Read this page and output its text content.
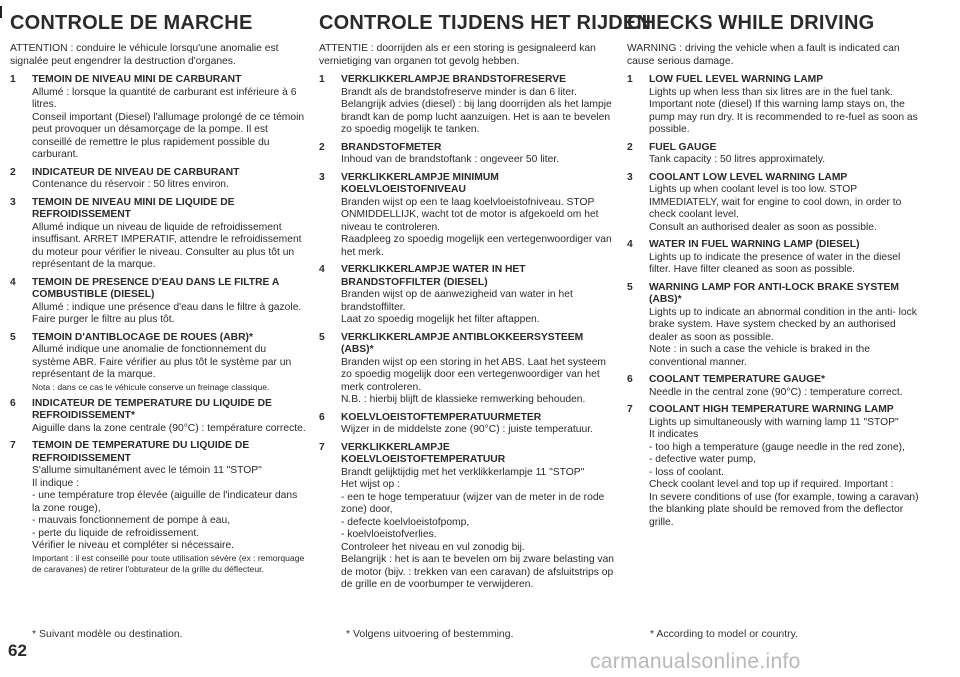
CONTROLE DE MARCHE

ATTENTION : conduire le véhicule lorsqu'une anomalie est signalée peut engendrer la destruction d'organes.

1	TEMOIN DE NIVEAU MINI DE CARBURANT

Allumé : lorsque la quantité de carburant est inférieure à 6 litres.
Conseil important (Diesel) l'allumage prolongé de ce témoin peut provoquer un désamorçage de la pompe. Il est conseillé de remettre le plus rapidement possible du carburant.

2	INDICATEUR DE NIVEAU DE CARBURANT

Contenance du réservoir : 50 litres environ.

3	TEMOIN DE NIVEAU MINI DE LIQUIDE DE REFROIDISSEMENT

Allumé indique un niveau de liquide de refroidissement insuffisant. ARRET IMPERATIF, attendre le refroidissement du moteur pour vérifier le niveau. Consulter au plus tôt un représentant de la marque.

4	TEMOIN DE PRESENCE D'EAU DANS LE FILTRE A COMBUSTIBLE (DIESEL)

Allumé : indique une présence d'eau dans le filtre à gazole. Faire purger le filtre au plus tôt.

5	TEMOIN D'ANTIBLOCAGE DE ROUES (ABR)*

Allumé indique une anomalie de fonctionnement du système ABR. Faire vérifier au plus tôt le système par un représentant de la marque.

Nota : dans ce cas le véhicule conserve un freinage classique.

6	INDICATEUR DE TEMPERATURE DU LIQUIDE DE REFROIDISSEMENT*

Aiguille dans la zone centrale (90°C) : température correcte.

7	TEMOIN DE TEMPERATURE DU LIQUIDE DE REFROIDISSEMENT

S'allume simultanément avec le témoin 11 "STOP"
Il indique :
- une température trop élevée (aiguille de l'indicateur dans
la zone rouge),
- mauvais fonctionnement de pompe à eau,
- perte du liquide de refroidissement.
Vérifier le niveau et compléter si nécessaire.

Important : il est conseillé pour toute utilisation sévère (ex : remorquage de caravanes) de retirer l'obturateur de la grille du déflecteur.

CONTROLE TIJDENS HET RIJDEN

ATTENTIE : doorrijden als er een storing is gesignaleerd kan vernietiging van organen tot gevolg hebben.

1	VERKLIKKERLAMPJE BRANDSTOFRESERVE

Brandt als de brandstofreserve minder is dan 6 liter.
Belangrijk advies (diesel) : bij lang doorrijden als het lampje brandt kan de pomp lucht aanzuigen. Het is aan te bevelen zo spoedig mogelijk te tanken.

2	BRANDSTOFMETER

Inhoud van de brandstoftank : ongeveer 50 liter.

3	VERKLIKKERLAMPJE MINIMUM KOELVLOEISTOFNIVEAU

Branden wijst op een te laag koelvloeistofniveau. STOP ONMIDDELLIJK, wacht tot de motor is afgekoeld om het niveau te controleren.
Raadpleeg zo spoedig mogelijk een vertegenwoordiger van het merk.

4	VERKLIKKERLAMPJE WATER IN HET BRANDSTOFFILTER (DIESEL)

Branden wijst op de aanwezigheid van water in het brandstoffilter.
Laat zo spoedig mogelijk het filter aftappen.

5	VERKLIKKERLAMPJE ANTIBLOKKEERSYSTEEM (ABS)*

Branden wijst op een storing in het ABS. Laat het systeem zo spoedig mogelijk door een vertegenwoordiger van het merk controleren.
N.B. : hierbij blijft de klassieke remwerking behouden.

6	KOELVLOEISTOFTEMPERATUURMETER

Wijzer in de middelste zone (90°C) : juiste temperatuur.

7	VERKLIKKERLAMPJE KOELVLOEISTOFTEMPERATUUR

Brandt gelijktijdig met het verklikkerlampje 11 "STOP"
Het wijst op :
- een te hoge temperatuur (wijzer van de meter in de rode
zone) door,
- defecte koelvloeistofpomp,
- koelvloeistofverlies.
Controleer het niveau en vul zonodig bij.
Belangrijk : het is aan te bevelen om bij zware belasting van de motor (bijv. : trekken van een caravan) de afsluitstrips op de grille en de voorbumper te verwijderen.

CHECKS WHILE DRIVING

WARNING : driving the vehicle when a fault is indicated can cause serious damage.

1	LOW FUEL LEVEL WARNING LAMP

Lights up when less than six litres are in the fuel tank.
Important note (diesel) If this warning lamp stays on, the pump may run dry. It is recommended to re-fuel as soon as possible.

2	FUEL GAUGE

Tank capacity : 50 litres approximately.

3	COOLANT LOW LEVEL WARNING LAMP

Lights up when coolant level is too low. STOP IMMEDIATELY, wait for engine to cool down, in order to check coolant level.
Consult an authorised dealer as soon as possible.

4	WATER IN FUEL WARNING LAMP (DIESEL)

Lights up to indicate the presence of water in the diesel filter. Have filter cleaned as soon as possible.

5	WARNING LAMP FOR ANTI-LOCK BRAKE SYSTEM (ABS)*

Lights up to indicate an abnormal condition in the anti- lock brake system. Have system checked by an authorised dealer as soon as possible.
Note : in such a case the vehicle is braked in the conventional manner.

6	COOLANT TEMPERATURE GAUGE*

Needle in the central zone (90°C) : temperature correct.

7	COOLANT HIGH TEMPERATURE WARNING LAMP

Lights up simultaneously with warning lamp 11 "STOP"
It indicates
- too high a temperature (gauge needle in the red zone),
- defective water pump,
- loss of coolant.
Check coolant level and top up if required. Important :
In severe conditions of use (for example, towing a caravan) the blanking plate should be removed from the deflector grille.

* Suivant modèle ou destination.	* Volgens uitvoering of bestemming.	* According to model or country.
62	carmanualsonline.info
